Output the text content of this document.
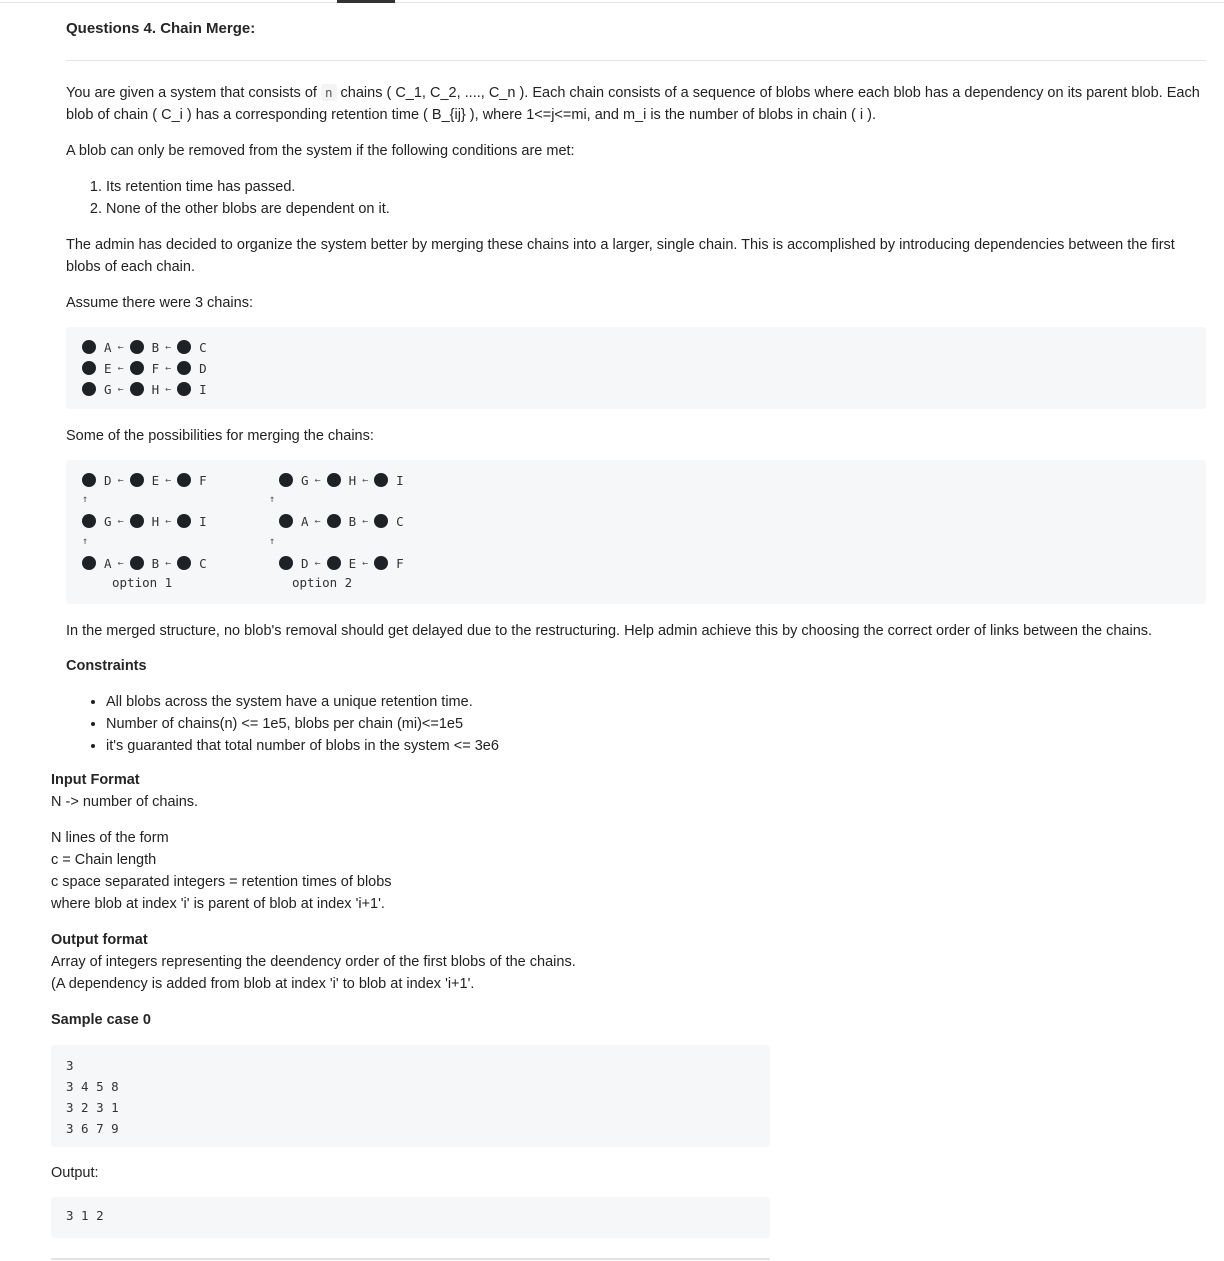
Questions 4. Chain Merge:

You are given a system that consists of n chains ( C_1, C_2, ...., C_n ). Each chain consists of a sequence of blobs where each blob has a dependency on its parent blob. Each blob of chain ( C_i ) has a corresponding retention time ( B_{ij} ), where 1<=j<=mi, and m_i is the number of blobs in chain ( i ).

A blob can only be removed from the system if the following conditions are met:

1. Its retention time has passed.
2. None of the other blobs are dependent on it.

The admin has decided to organize the system better by merging these chains into a larger, single chain. This is accomplished by introducing dependencies between the first blobs of each chain.

Assume there were 3 chains:

A ← B ← C
E ← F ← D
G ← H ← I

Some of the possibilities for merging the chains:

D ← E ← F
↑
G ← H ← I
↑
A ← B ← C
option 1
G ← H ← I
↑
A ← B ← C
↑
D ← E ← F
option 2

In the merged structure, no blob's removal should get delayed due to the restructuring. Help admin achieve this by choosing the correct order of links between the chains.

Constraints

• All blobs across the system have a unique retention time.
• Number of chains(n) <= 1e5, blobs per chain (mi)<=1e5
• it's guaranted that total number of blobs in the system <= 3e6

Input Format

N -> number of chains.

N lines of the form

c = Chain length

c space separated integers = retention times of blobs

where blob at index 'i' is parent of blob at index 'i+1'.

Output format

Array of integers representing the deendency order of the first blobs of the chains.

(A dependency is added from blob at index 'i' to blob at index 'i+1'.

Sample case 0

3
3 4 5 8
3 2 3 1
3 6 7 9

Output:

3 1 2
